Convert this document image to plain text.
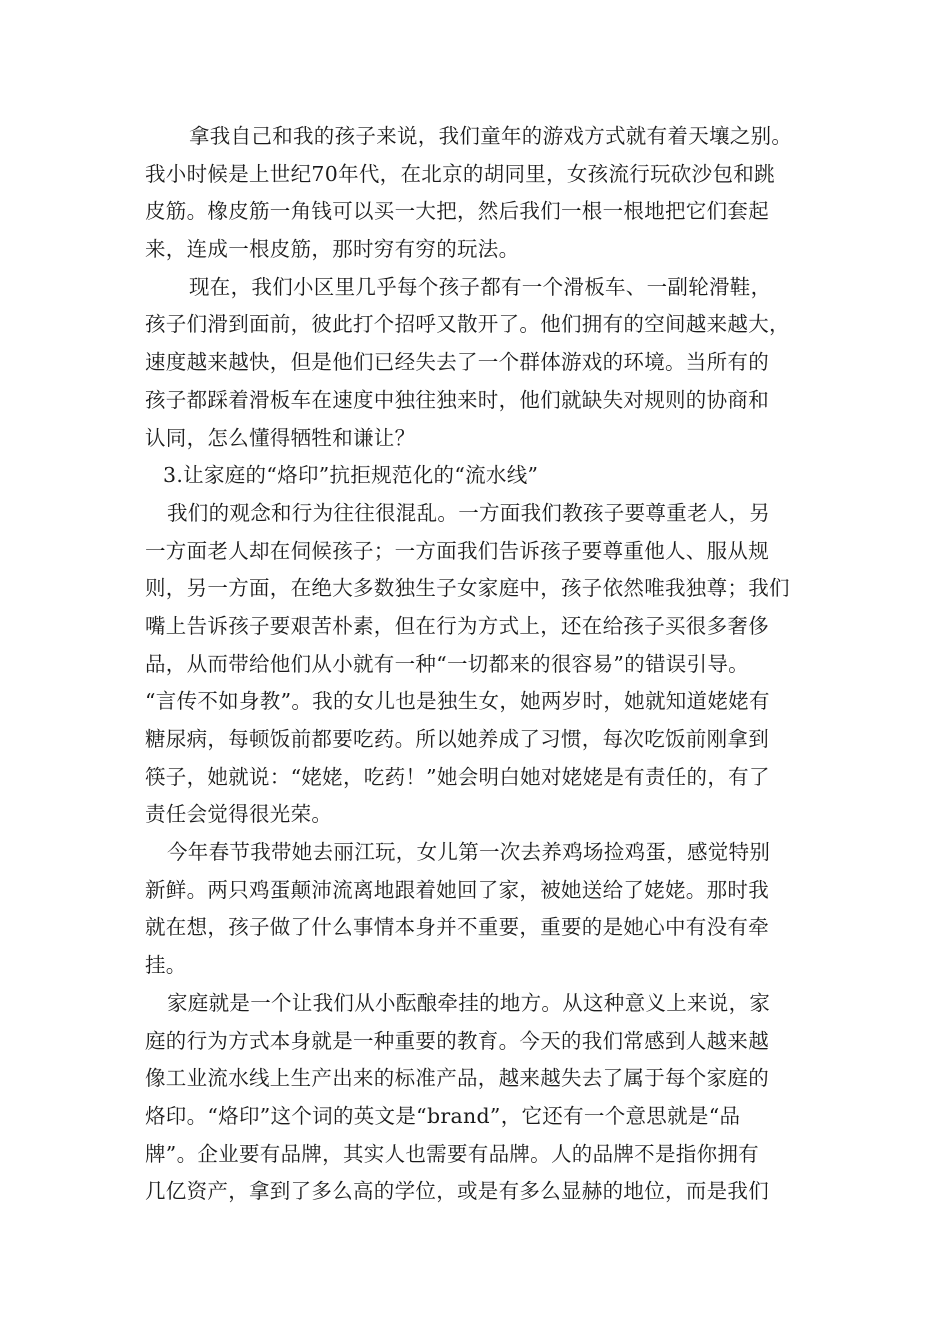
拿我自己和我的孩子来说，我们童年的游戏方式就有着天壤之别。
我小时候是上世纪70年代，在北京的胡同里，女孩流行玩砍沙包和跳
皮筋。橡皮筋一角钱可以买一大把，然后我们一根一根地把它们套起
来，连成一根皮筋，那时穷有穷的玩法。
现在，我们小区里几乎每个孩子都有一个滑板车、一副轮滑鞋，
孩子们滑到面前，彼此打个招呼又散开了。他们拥有的空间越来越大，
速度越来越快，但是他们已经失去了一个群体游戏的环境。当所有的
孩子都踩着滑板车在速度中独往独来时，他们就缺失对规则的协商和
认同，怎么懂得牺牲和谦让？
3.让家庭的“烙印”抗拒规范化的“流水线”
我们的观念和行为往往很混乱。一方面我们教孩子要尊重老人，另
一方面老人却在伺候孩子；一方面我们告诉孩子要尊重他人、服从规
则，另一方面，在绝大多数独生子女家庭中，孩子依然唯我独尊；我们
嘴上告诉孩子要艰苦朴素，但在行为方式上，还在给孩子买很多奢侈
品，从而带给他们从小就有一种“一切都来的很容易”的错误引导。
“言传不如身教”。我的女儿也是独生女，她两岁时，她就知道姥姥有
糖尿病，每顿饭前都要吃药。所以她养成了习惯，每次吃饭前刚拿到
筷子，她就说：“姥姥，吃药！”她会明白她对姥姥是有责任的，有了
责任会觉得很光荣。
今年春节我带她去丽江玩，女儿第一次去养鸡场捡鸡蛋，感觉特别
新鲜。两只鸡蛋颠沛流离地跟着她回了家，被她送给了姥姥。那时我
就在想，孩子做了什么事情本身并不重要，重要的是她心中有没有牵
挂。
家庭就是一个让我们从小酝酿牵挂的地方。从这种意义上来说，家
庭的行为方式本身就是一种重要的教育。今天的我们常感到人越来越
像工业流水线上生产出来的标准产品，越来越失去了属于每个家庭的
烙印。“烙印”这个词的英文是“brand”，它还有一个意思就是“品
牌”。企业要有品牌，其实人也需要有品牌。人的品牌不是指你拥有
几亿资产，拿到了多么高的学位，或是有多么显赫的地位，而是我们
